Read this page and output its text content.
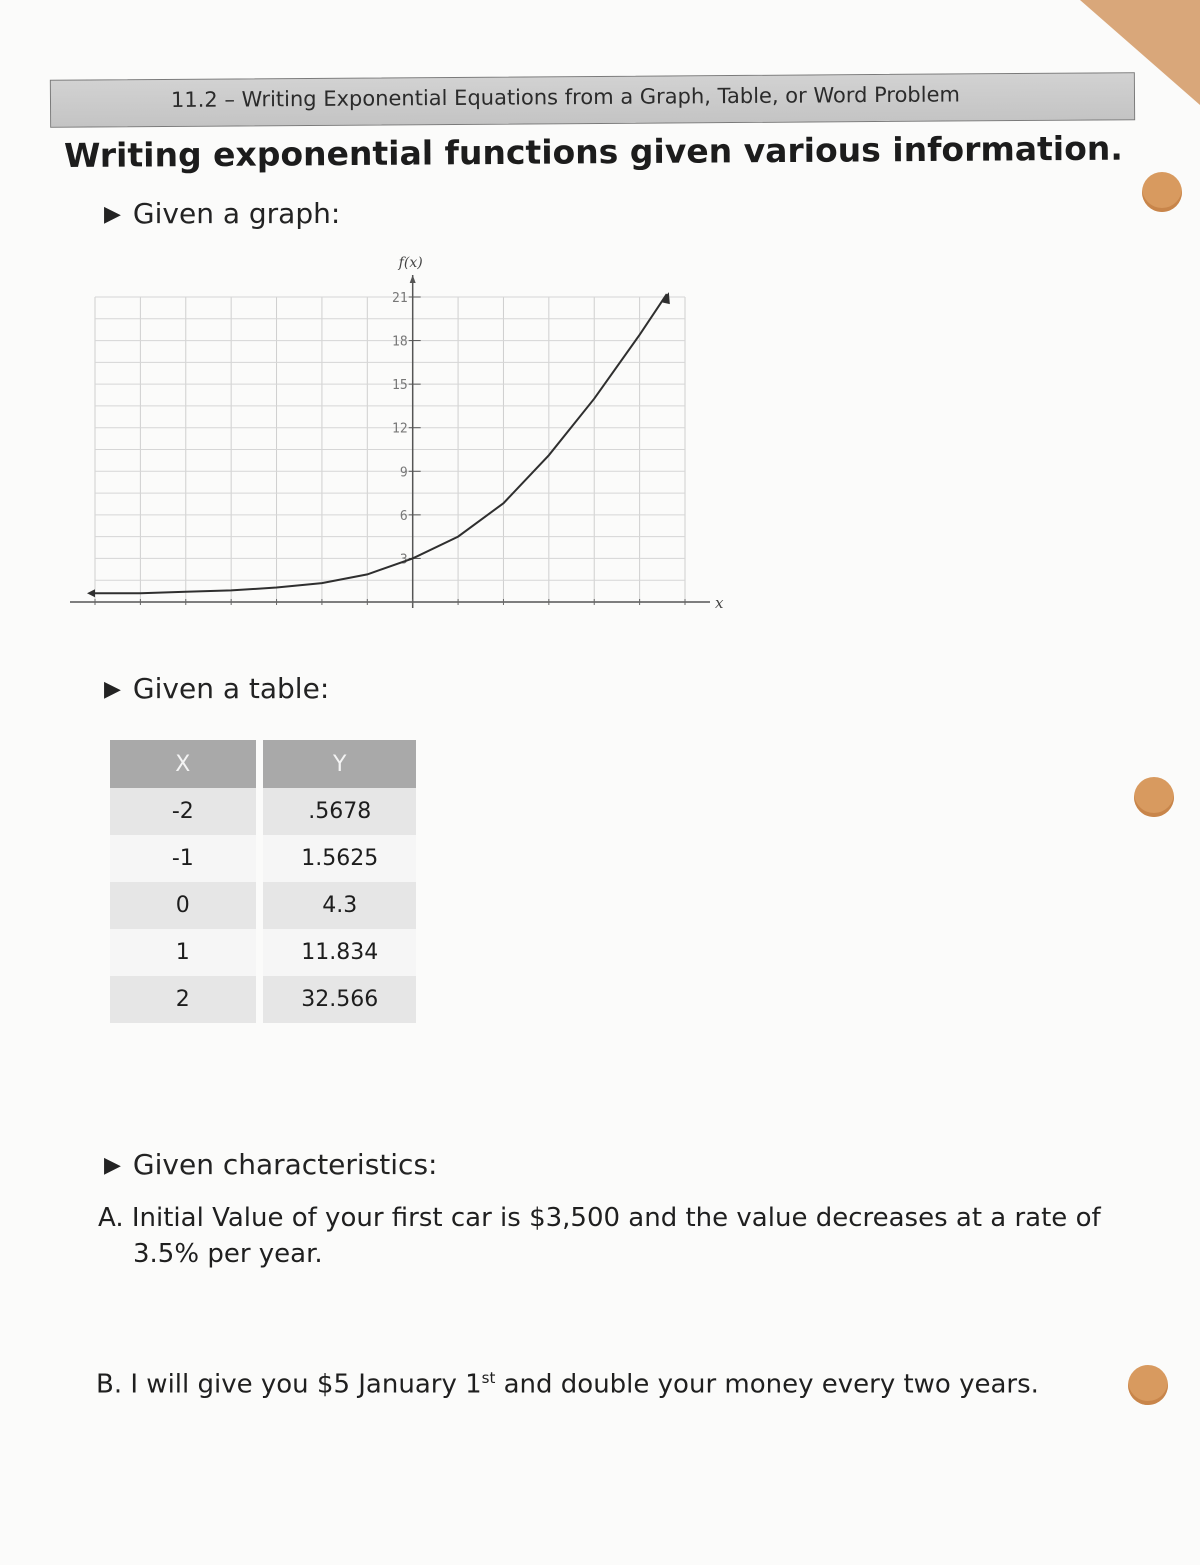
11.2 – Writing Exponential Equations from a Graph, Table, or Word Problem
Writing exponential functions given various information.
▶ Given a graph:
21
18
15
12
9
6
3
f(x)
x
▶ Given a table:
X		Y
-2		.5678
-1		1.5625
0		4.3
1		11.834
2		32.566
▶ Given characteristics:
A. Initial Value of your first car is $3,500 and the value decreases at a rate of
3.5% per year.
B. I will give you $5 January 1st and double your money every two years.
